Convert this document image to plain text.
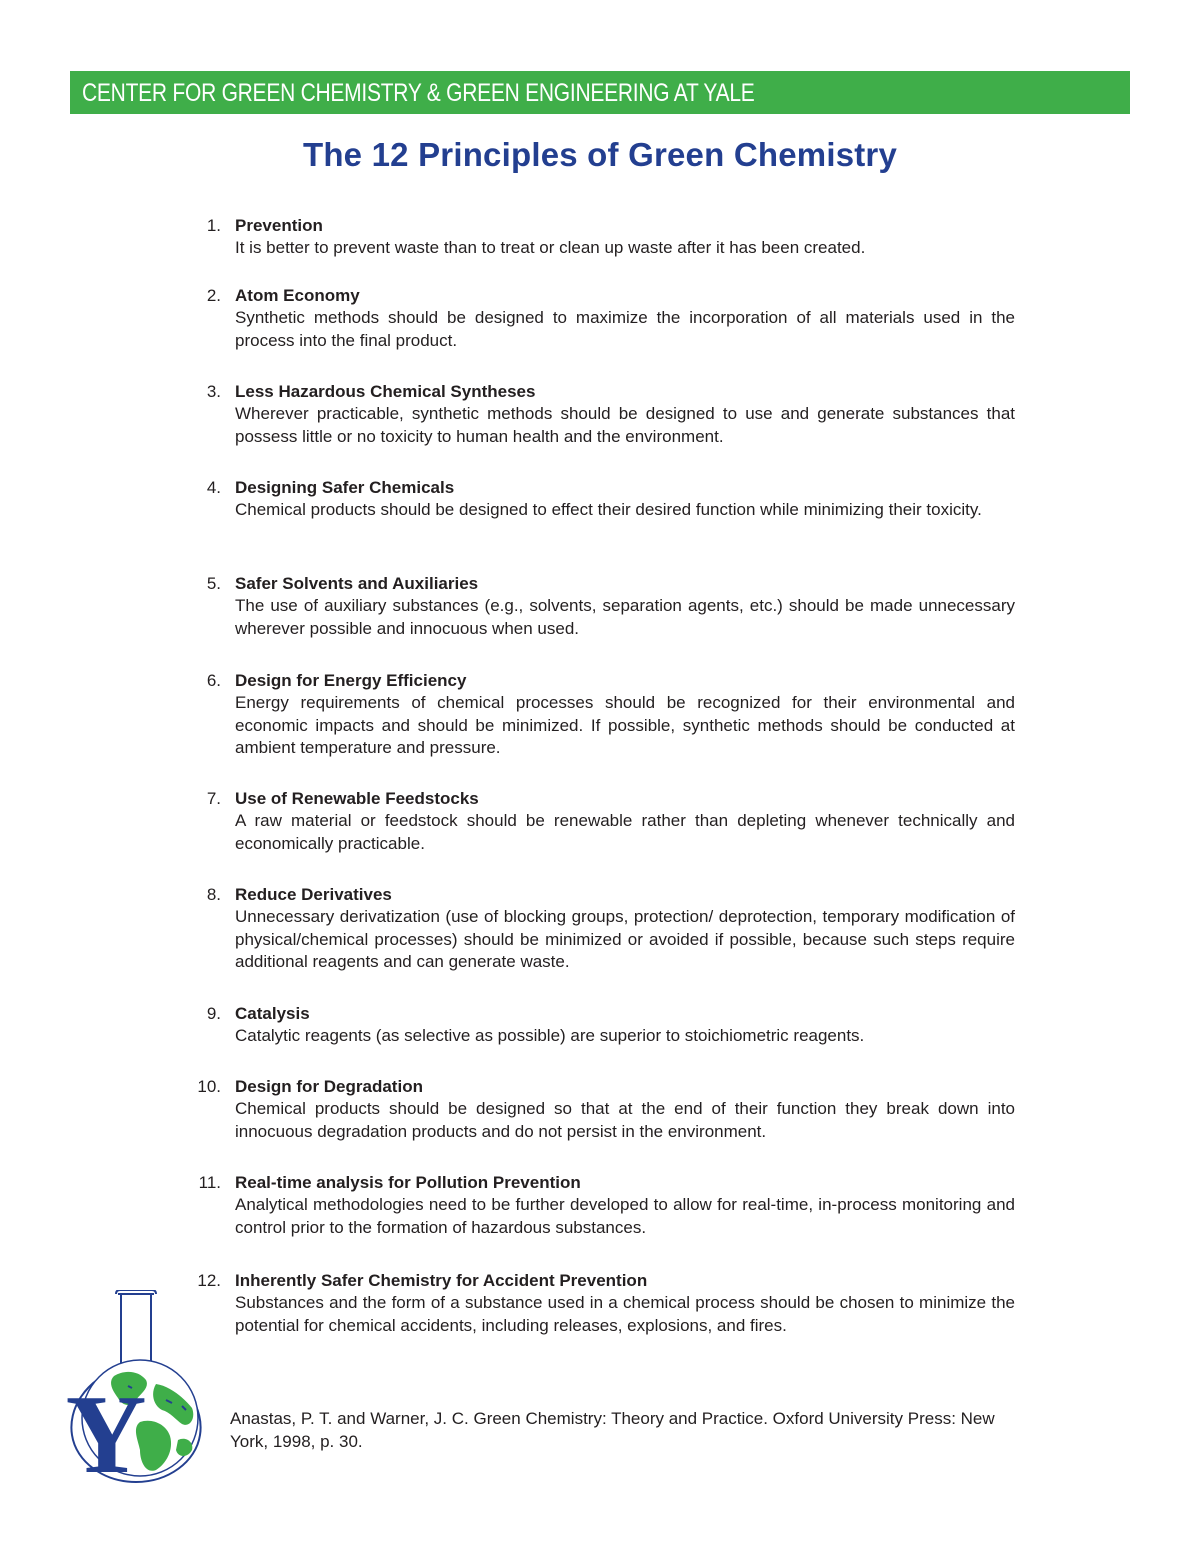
CENTER FOR GREEN CHEMISTRY & GREEN ENGINEERING AT YALE
The 12 Principles of Green Chemistry
1. Prevention
It is better to prevent waste than to treat or clean up waste after it has been created.
2. Atom Economy
Synthetic methods should be designed to maximize the incorporation of all materials used in the process into the final product.
3. Less Hazardous Chemical Syntheses
Wherever practicable, synthetic methods should be designed to use and generate substances that possess little or no toxicity to human health and the environment.
4. Designing Safer Chemicals
Chemical products should be designed to effect their desired function while minimizing their toxicity.
5. Safer Solvents and Auxiliaries
The use of auxiliary substances (e.g., solvents, separation agents, etc.) should be made unnecessary wherever possible and innocuous when used.
6. Design for Energy Efficiency
Energy requirements of chemical processes should be recognized for their environmental and economic impacts and should be minimized. If possible, synthetic methods should be conducted at ambient temperature and pressure.
7. Use of Renewable Feedstocks
A raw material or feedstock should be renewable rather than depleting whenever technically and economically practicable.
8. Reduce Derivatives
Unnecessary derivatization (use of blocking groups, protection/ deprotection, temporary modification of physical/chemical processes) should be minimized or avoided if possible, because such steps require additional reagents and can generate waste.
9. Catalysis
Catalytic reagents (as selective as possible) are superior to stoichiometric reagents.
10. Design for Degradation
Chemical products should be designed so that at the end of their function they break down into innocuous degradation products and do not persist in the environment.
11. Real-time analysis for Pollution Prevention
Analytical methodologies need to be further developed to allow for real-time, in-process monitoring and control prior to the formation of hazardous substances.
12. Inherently Safer Chemistry for Accident Prevention
Substances and the form of a substance used in a chemical process should be chosen to minimize the potential for chemical accidents, including releases, explosions, and fires.
Y	Anastas, P. T. and Warner, J. C. Green Chemistry: Theory and Practice. Oxford University Press: New York, 1998, p. 30.
